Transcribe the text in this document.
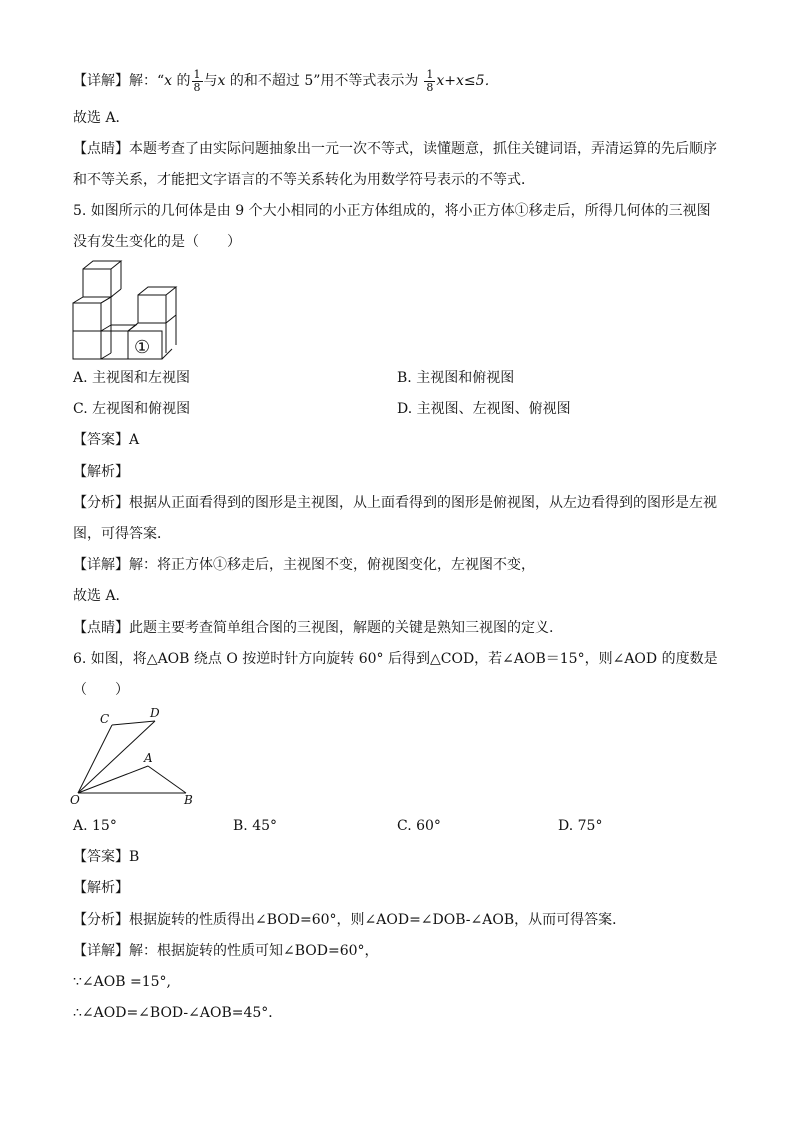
【详解】解：“x 的 $\frac{1}{8}$ 与x 的和不超过 5”用不等式表示为 $\frac{1}{8} x+x\le 5$．
故选 A．
【点睛】本题考查了由实际问题抽象出一元一次不等式，读懂题意，抓住关键词语，弄清运算的先后顺序
和不等关系，才能把文字语言的不等关系转化为用数学符号表示的不等式．
5. 如图所示的几何体是由 9 个大小相同的小正方体组成的，将小正方体①移走后，所得几何体的三视图
没有发生变化的是（　　）
①
A. 主视图和左视图	B. 主视图和俯视图
C. 左视图和俯视图	D. 主视图、左视图、俯视图
【答案】A
【解析】
【分析】根据从正面看得到的图形是主视图，从上面看得到的图形是俯视图，从左边看得到的图形是左视
图，可得答案．
【详解】解：将正方体①移走后，主视图不变，俯视图变化，左视图不变，
故选 A．
【点睛】此题主要考查简单组合图的三视图，解题的关键是熟知三视图的定义.
6. 如图，将△AOB 绕点 O 按逆时针方向旋转 60° 后得到△COD，若∠AOB＝15°，则∠AOD 的度数是
（　　）
C	D
A
O	B
A. 15°	B. 45°	C. 60°	D. 75°
【答案】B
【解析】
【分析】根据旋转的性质得出∠BOD=60°，则∠AOD=∠DOB-∠AOB，从而可得答案．
【详解】解：根据旋转的性质可知∠BOD=60°，
∵∠AOB =15°,
∴∠AOD=∠BOD-∠AOB=45°．
